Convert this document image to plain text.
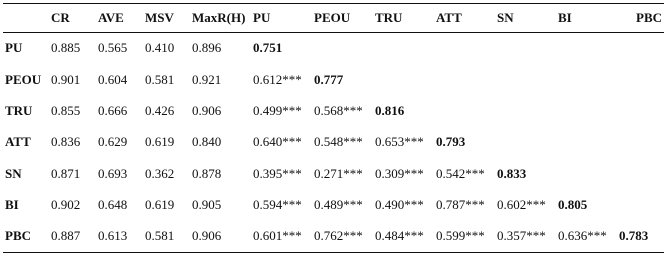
	CR	AVE	MSV	MaxR(H)	PU	PEOU	TRU	ATT	SN	BI	PBC
PU	0.885	0.565	0.410	0.896	0.751						
PEOU	0.901	0.604	0.581	0.921	0.612***	0.777					
TRU	0.855	0.666	0.426	0.906	0.499***	0.568***	0.816				
ATT	0.836	0.629	0.619	0.840	0.640***	0.548***	0.653***	0.793			
SN	0.871	0.693	0.362	0.878	0.395***	0.271***	0.309***	0.542***	0.833		
BI	0.902	0.648	0.619	0.905	0.594***	0.489***	0.490***	0.787***	0.602***	0.805	
PBC	0.887	0.613	0.581	0.906	0.601***	0.762***	0.484***	0.599***	0.357***	0.636***	0.783
